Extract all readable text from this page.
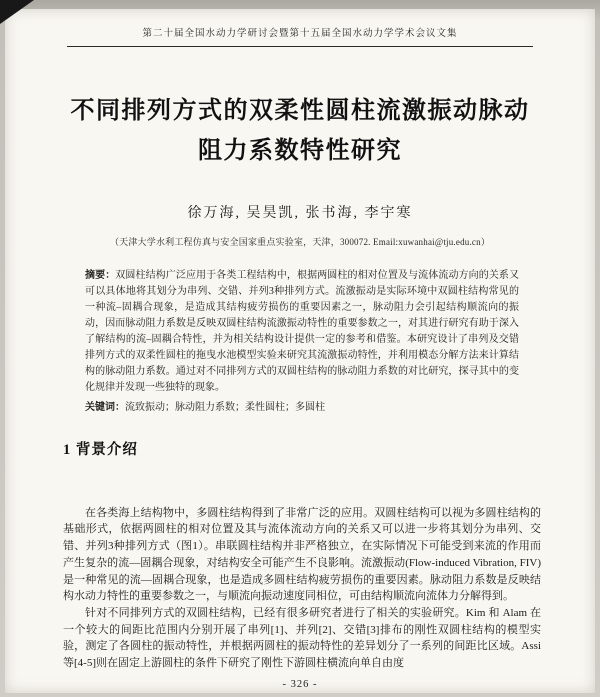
第二十届全国水动力学研讨会暨第十五届全国水动力学学术会议文集
不同排列方式的双柔性圆柱流激振动脉动
阻力系数特性研究
徐万海, 吴昊凯, 张书海, 李宇寒
（天津大学水利工程仿真与安全国家重点实验室，天津，300072. Email:xuwanhai@tju.edu.cn）

摘要：双圆柱结构广泛应用于各类工程结构中，根据两圆柱的相对位置及与流体流动方向的关系又可以具体地将其划分为串列、交错、并列3种排列方式。流激振动是实际环境中双圆柱结构常见的一种流–固耦合现象，是造成其结构疲劳损伤的重要因素之一，脉动阻力会引起结构顺流向的振动，因而脉动阻力系数是反映双圆柱结构流激振动特性的重要参数之一，对其进行研究有助于深入了解结构的流–固耦合特性，并为相关结构设计提供一定的参考和借鉴。本研究设计了串列及交错排列方式的双柔性圆柱的拖曳水池模型实验来研究其流激振动特性，并利用模态分解方法来计算结构的脉动阻力系数。通过对不同排列方式的双圆柱结构的脉动阻力系数的对比研究，探寻其中的变化规律并发现一些独特的现象。

关键词：流致振动；脉动阻力系数；柔性圆柱；多圆柱

1 背景介绍

在各类海上结构物中，多圆柱结构得到了非常广泛的应用。双圆柱结构可以视为多圆柱结构的基础形式，依据两圆柱的相对位置及其与流体流动方向的关系又可以进一步将其划分为串列、交错、并列3种排列方式（图1）。串联圆柱结构并非严格独立，在实际情况下可能受到来流的作用而产生复杂的流—固耦合现象，对结构安全可能产生不良影响。流激振动(Flow-induced Vibration, FIV)是一种常见的流—固耦合现象，也是造成多圆柱结构疲劳损伤的重要因素。脉动阻力系数是反映结构水动力特性的重要参数之一，与顺流向振动速度同相位，可由结构顺流向流体力分解得到。

针对不同排列方式的双圆柱结构，已经有很多研究者进行了相关的实验研究。Kim 和 Alam 在一个较大的间距比范围内分别开展了串列[1]、并列[2]、交错[3]排布的刚性双圆柱结构的模型实验，测定了各圆柱的振动特性，并根据两圆柱的振动特性的差异划分了一系列的间距比区域。Assi 等[4-5]则在固定上游圆柱的条件下研究了刚性下游圆柱横流向单自由度

- 326 -
